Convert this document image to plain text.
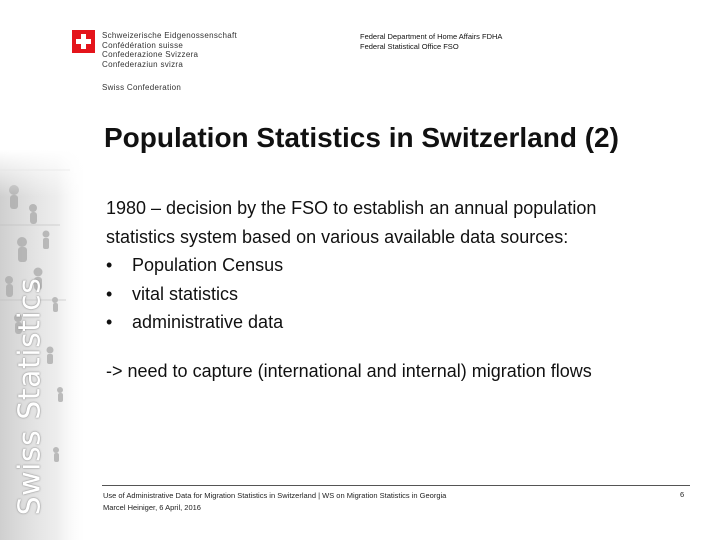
Swiss Statistics
Schweizerische Eidgenossenschaft
Confédération suisse
Confederazione Svizzera
Confederaziun svizra
Swiss Confederation
Federal Department of Home Affairs FDHA
Federal Statistical Office FSO
Population Statistics in Switzerland (2)
1980 – decision by the FSO to establish an annual population
statistics system based on various available data sources:
• Population Census
• vital statistics
• administrative data
-> need to capture (international and internal) migration flows
Use of Administrative Data for Migration Statistics in Switzerland | WS on Migration Statistics in Georgia
Marcel Heiniger, 6 April, 2016
6
